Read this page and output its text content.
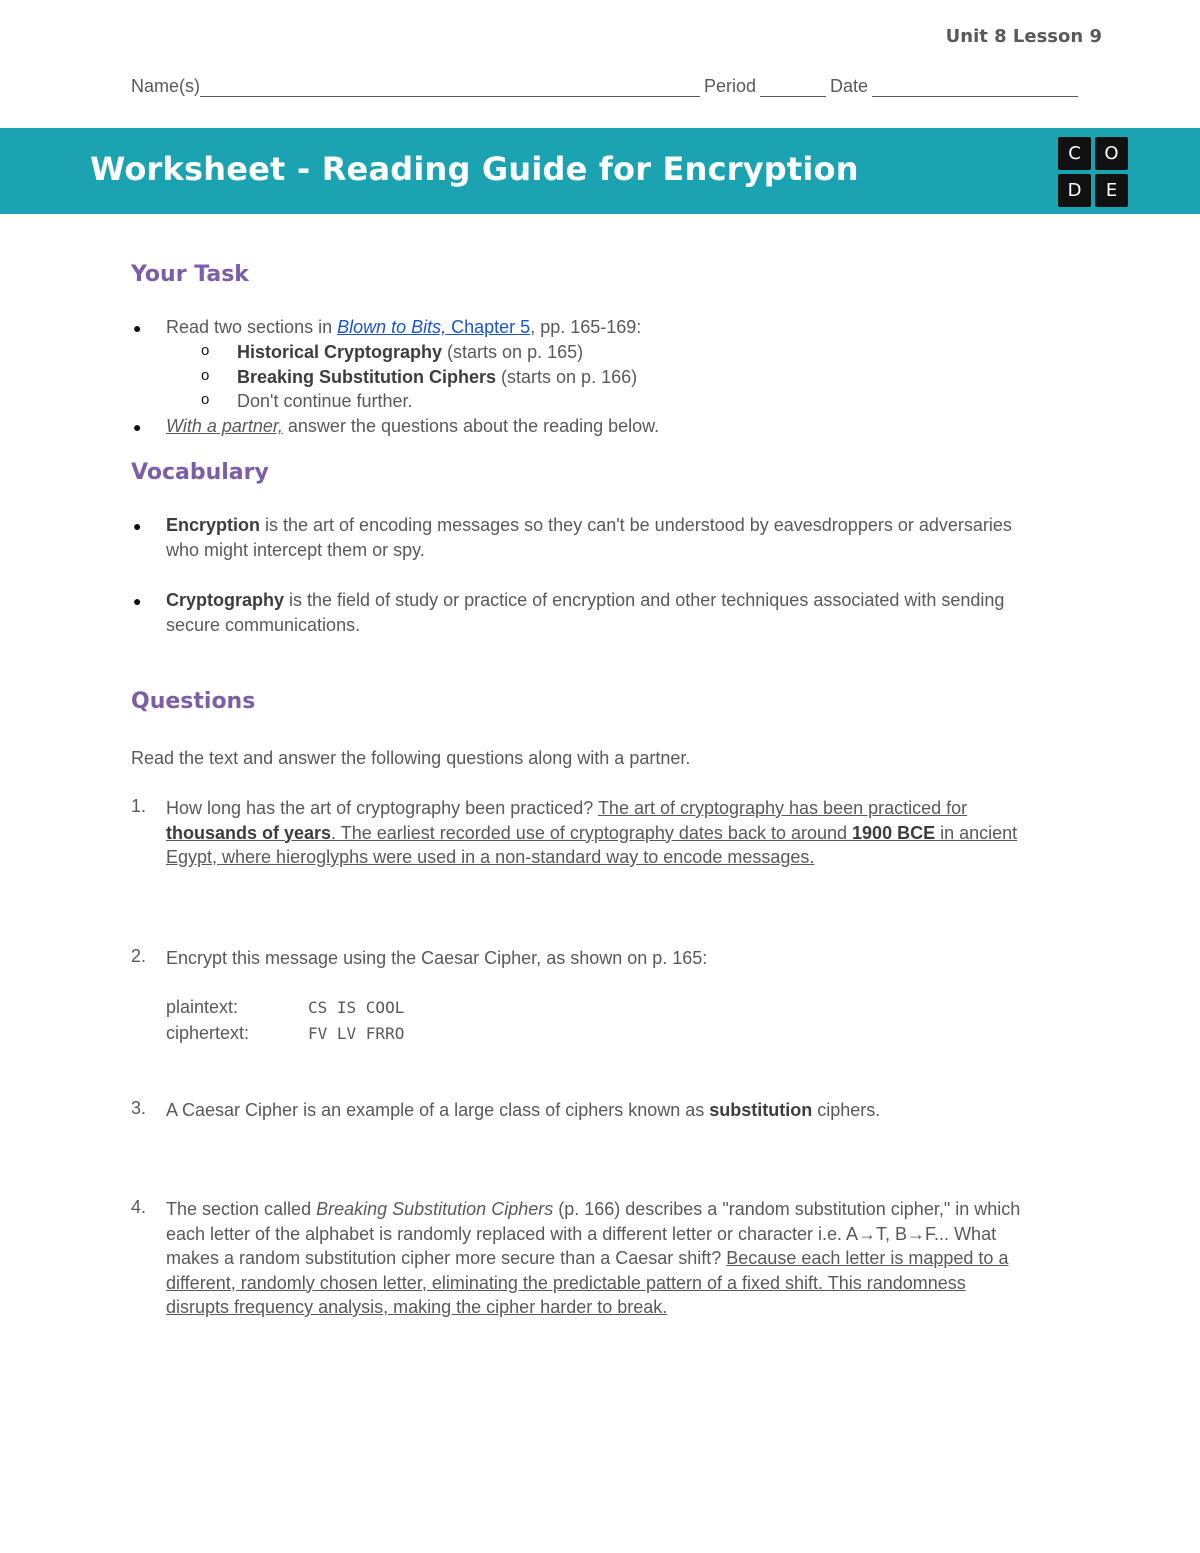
Unit 8 Lesson 9
Name(s)	Period	Date
Worksheet - Reading Guide for Encryption	C	O
D	E
Your Task
● Read two sections in Blown to Bits, Chapter 5, pp. 165-169:
o Historical Cryptography (starts on p. 165)
o Breaking Substitution Ciphers (starts on p. 166)
o Don't continue further.
● With a partner, answer the questions about the reading below.
Vocabulary
● Encryption is the art of encoding messages so they can't be understood by eavesdroppers or adversaries
who might intercept them or spy.
● Cryptography is the field of study or practice of encryption and other techniques associated with sending
secure communications.
Questions
Read the text and answer the following questions along with a partner.
1. How long has the art of cryptography been practiced? The art of cryptography has been practiced for
thousands of years. The earliest recorded use of cryptography dates back to around 1900 BCE in ancient
Egypt, where hieroglyphs were used in a non-standard way to encode messages.
2. Encrypt this message using the Caesar Cipher, as shown on p. 165:
plaintext:	CS IS COOL
ciphertext:	FV LV FRRO
3. A Caesar Cipher is an example of a large class of ciphers known as substitution ciphers.
4. The section called Breaking Substitution Ciphers (p. 166) describes a "random substitution cipher," in which
each letter of the alphabet is randomly replaced with a different letter or character i.e. A→T, B→F... What
makes a random substitution cipher more secure than a Caesar shift? Because each letter is mapped to a
different, randomly chosen letter, eliminating the predictable pattern of a fixed shift. This randomness
disrupts frequency analysis, making the cipher harder to break.
